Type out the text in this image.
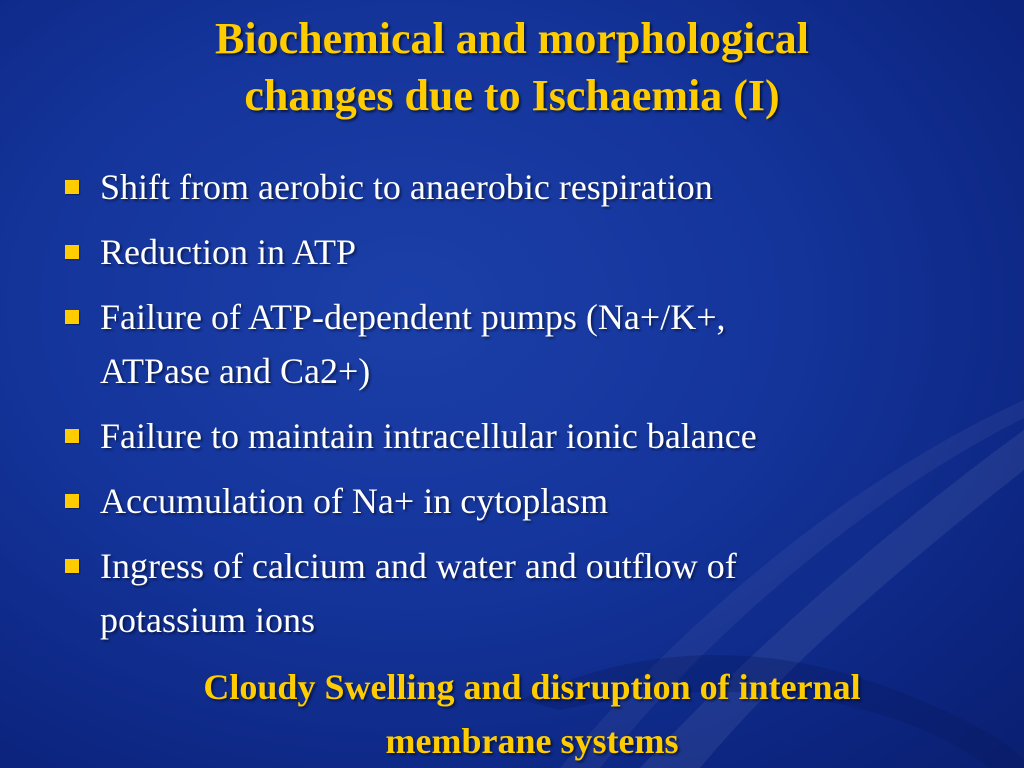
Biochemical and morphological
changes due to Ischaemia (I)
Shift from aerobic to anaerobic respiration
Reduction in ATP
Failure of ATP-dependent pumps (Na+/K+,
ATPase and Ca2+)
Failure to maintain intracellular ionic balance
Accumulation of Na+ in cytoplasm
Ingress of calcium and water and outflow of
potassium ions
Cloudy Swelling and disruption of internal
membrane systems
